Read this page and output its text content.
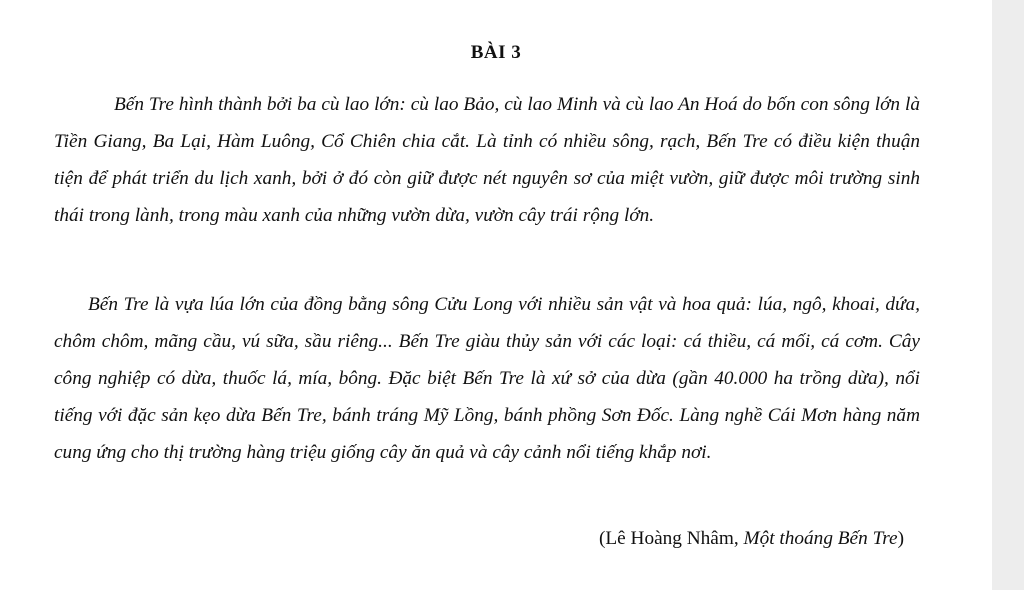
BÀI 3

Bến Tre hình thành bởi ba cù lao lớn: cù lao Bảo, cù lao Minh và cù lao An Hoá do bốn con sông lớn là Tiền Giang, Ba Lại, Hàm Luông, Cổ Chiên chia cắt. Là tỉnh có nhiều sông, rạch, Bến Tre có điều kiện thuận tiện để phát triển du lịch xanh, bởi ở đó còn giữ được nét nguyên sơ của miệt vườn, giữ được môi trường sinh thái trong lành, trong màu xanh của những vườn dừa, vườn cây trái rộng lớn.

Bến Tre là vựa lúa lớn của đồng bằng sông Cửu Long với nhiều sản vật và hoa quả: lúa, ngô, khoai, dứa, chôm chôm, mãng cầu, vú sữa, sầu riêng... Bến Tre giàu thủy sản với các loại: cá thiều, cá mối, cá cơm. Cây công nghiệp có dừa, thuốc lá, mía, bông. Đặc biệt Bến Tre là xứ sở của dừa (gần 40.000 ha trồng dừa), nổi tiếng với đặc sản kẹo dừa Bến Tre, bánh tráng Mỹ Lồng, bánh phồng Sơn Đốc. Làng nghề Cái Mơn hàng năm cung ứng cho thị trường hàng triệu giống cây ăn quả và cây cảnh nổi tiếng khắp nơi.

(Lê Hoàng Nhâm, Một thoáng Bến Tre)
